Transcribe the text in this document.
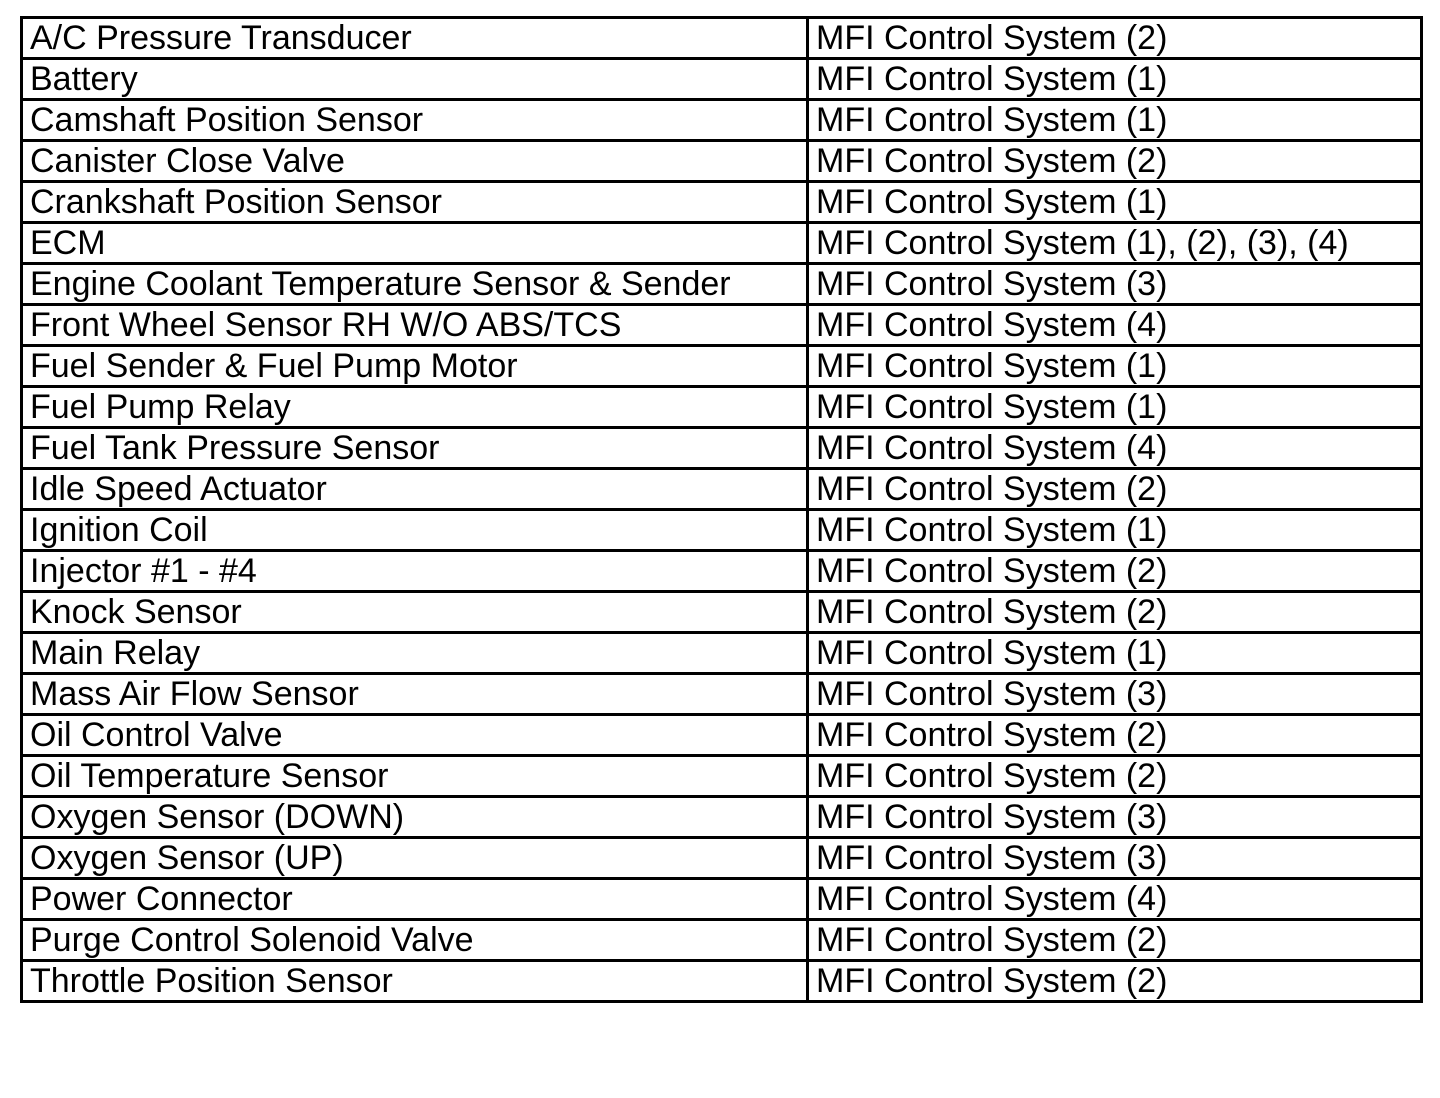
A/C Pressure Transducer	MFI Control System (2)
Battery	MFI Control System (1)
Camshaft Position Sensor	MFI Control System (1)
Canister Close Valve	MFI Control System (2)
Crankshaft Position Sensor	MFI Control System (1)
ECM	MFI Control System (1), (2), (3), (4)
Engine Coolant Temperature Sensor & Sender	MFI Control System (3)
Front Wheel Sensor RH W/O ABS/TCS	MFI Control System (4)
Fuel Sender & Fuel Pump Motor	MFI Control System (1)
Fuel Pump Relay	MFI Control System (1)
Fuel Tank Pressure Sensor	MFI Control System (4)
Idle Speed Actuator	MFI Control System (2)
Ignition Coil	MFI Control System (1)
Injector #1 - #4	MFI Control System (2)
Knock Sensor	MFI Control System (2)
Main Relay	MFI Control System (1)
Mass Air Flow Sensor	MFI Control System (3)
Oil Control Valve	MFI Control System (2)
Oil Temperature Sensor	MFI Control System (2)
Oxygen Sensor (DOWN)	MFI Control System (3)
Oxygen Sensor (UP)	MFI Control System (3)
Power Connector	MFI Control System (4)
Purge Control Solenoid Valve	MFI Control System (2)
Throttle Position Sensor	MFI Control System (2)
